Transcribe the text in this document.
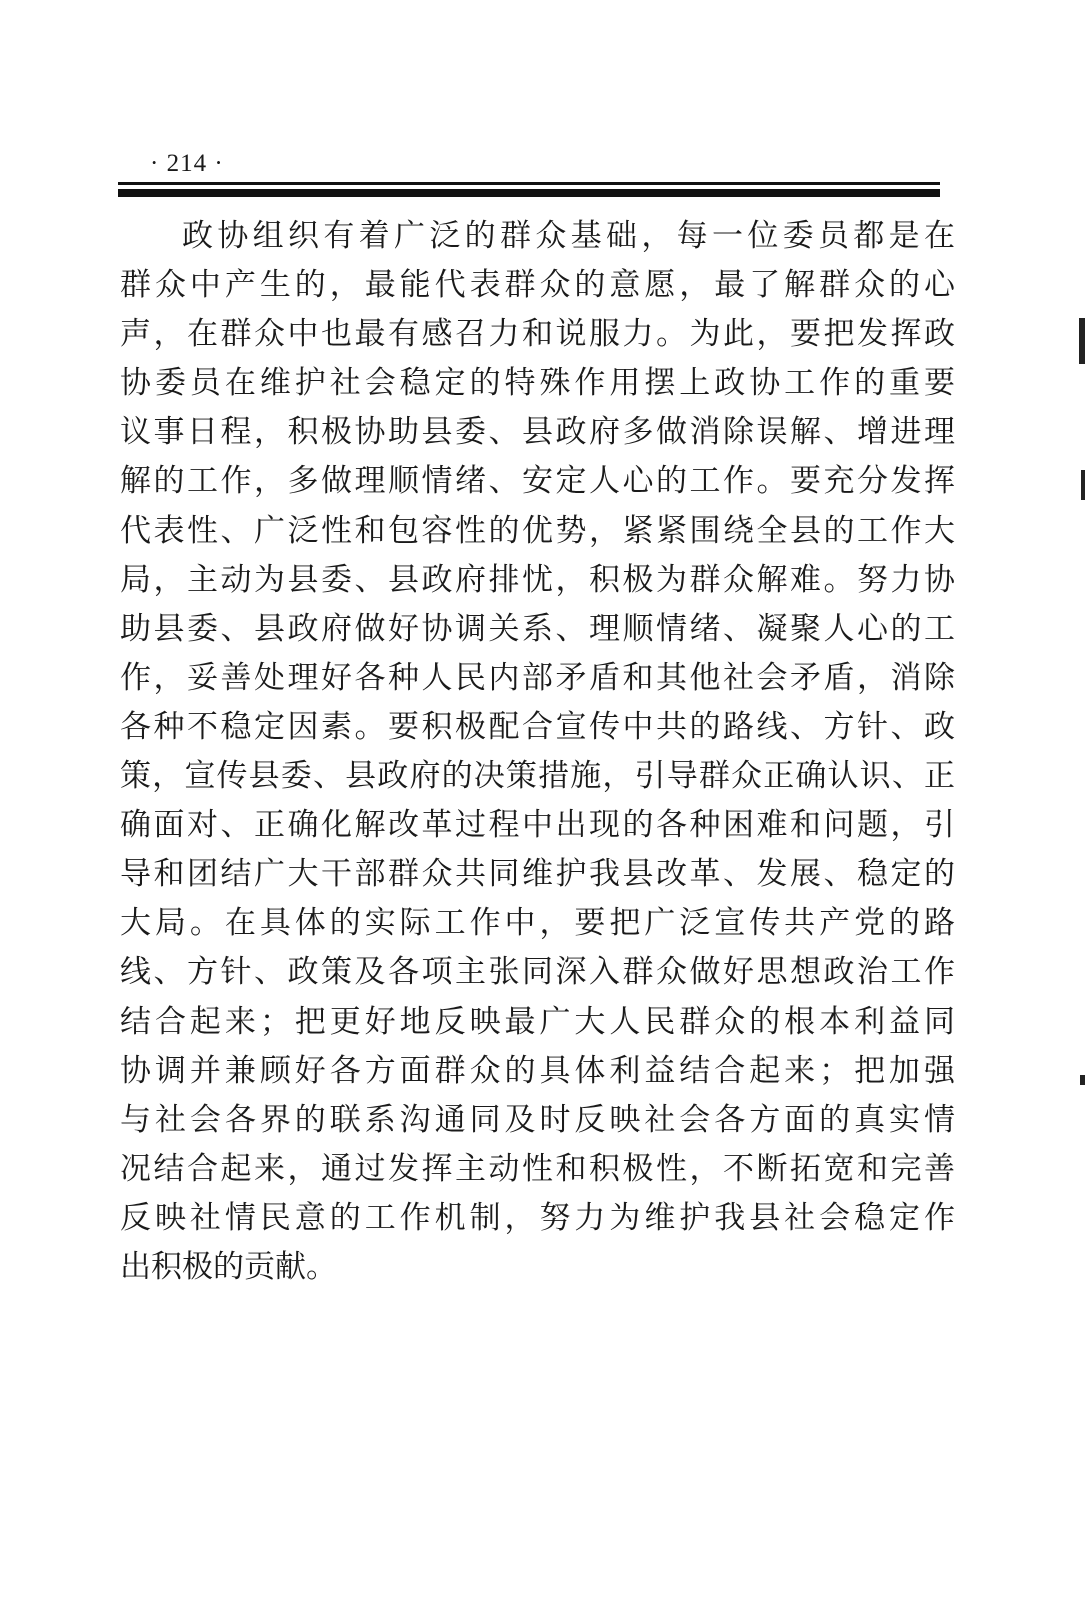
· 214 ·
政协组织有着广泛的群众基础，每一位委员都是在
群众中产生的，最能代表群众的意愿，最了解群众的心
声，在群众中也最有感召力和说服力。为此，要把发挥政
协委员在维护社会稳定的特殊作用摆上政协工作的重要
议事日程，积极协助县委、县政府多做消除误解、增进理
解的工作，多做理顺情绪、安定人心的工作。要充分发挥
代表性、广泛性和包容性的优势，紧紧围绕全县的工作大
局，主动为县委、县政府排忧，积极为群众解难。努力协
助县委、县政府做好协调关系、理顺情绪、凝聚人心的工
作，妥善处理好各种人民内部矛盾和其他社会矛盾，消除
各种不稳定因素。要积极配合宣传中共的路线、方针、政
策，宣传县委、县政府的决策措施，引导群众正确认识、正
确面对、正确化解改革过程中出现的各种困难和问题，引
导和团结广大干部群众共同维护我县改革、发展、稳定的
大局。在具体的实际工作中，要把广泛宣传共产党的路
线、方针、政策及各项主张同深入群众做好思想政治工作
结合起来；把更好地反映最广大人民群众的根本利益同
协调并兼顾好各方面群众的具体利益结合起来；把加强
与社会各界的联系沟通同及时反映社会各方面的真实情
况结合起来，通过发挥主动性和积极性，不断拓宽和完善
反映社情民意的工作机制，努力为维护我县社会稳定作
出积极的贡献。
